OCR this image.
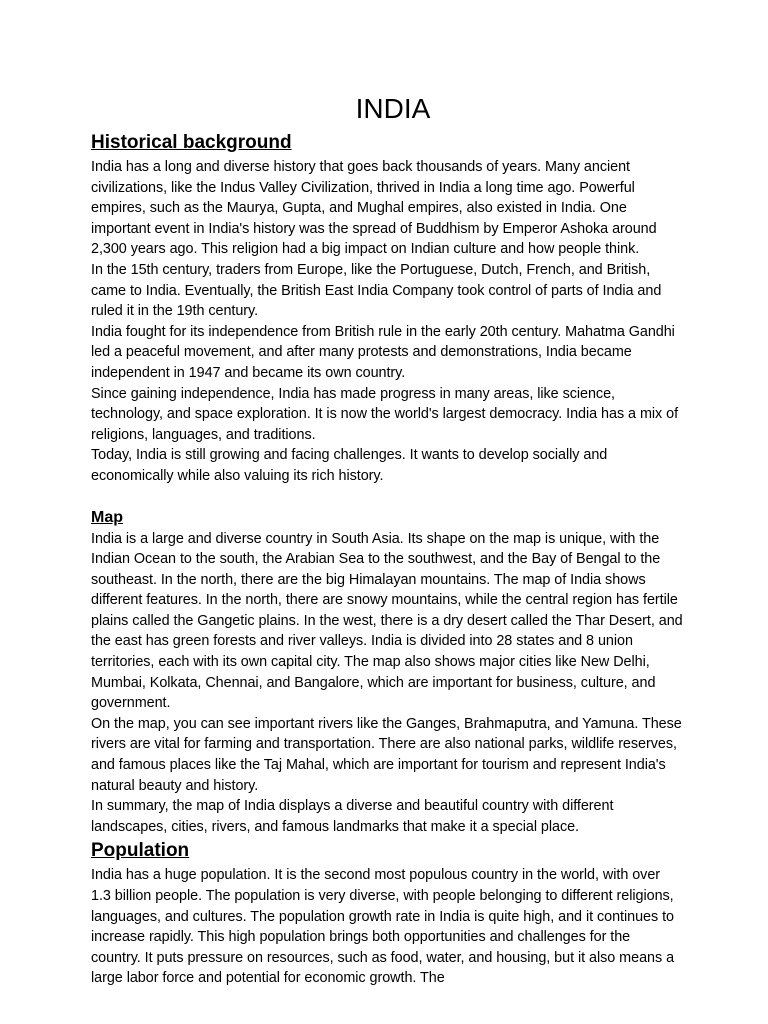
INDIA
Historical background

India has a long and diverse history that goes back thousands of years. Many ancient civilizations, like the Indus Valley Civilization, thrived in India a long time ago. Powerful empires, such as the Maurya, Gupta, and Mughal empires, also existed in India. One important event in India's history was the spread of Buddhism by Emperor Ashoka around 2,300 years ago. This religion had a big impact on Indian culture and how people think.

In the 15th century, traders from Europe, like the Portuguese, Dutch, French, and British, came to India. Eventually, the British East India Company took control of parts of India and ruled it in the 19th century.

India fought for its independence from British rule in the early 20th century. Mahatma Gandhi led a peaceful movement, and after many protests and demonstrations, India became independent in 1947 and became its own country.

Since gaining independence, India has made progress in many areas, like science, technology, and space exploration. It is now the world's largest democracy. India has a mix of religions, languages, and traditions.

Today, India is still growing and facing challenges. It wants to develop socially and economically while also valuing its rich history.

Map

India is a large and diverse country in South Asia. Its shape on the map is unique, with the Indian Ocean to the south, the Arabian Sea to the southwest, and the Bay of Bengal to the southeast. In the north, there are the big Himalayan mountains. The map of India shows different features. In the north, there are snowy mountains, while the central region has fertile plains called the Gangetic plains. In the west, there is a dry desert called the Thar Desert, and the east has green forests and river valleys. India is divided into 28 states and 8 union territories, each with its own capital city. The map also shows major cities like New Delhi, Mumbai, Kolkata, Chennai, and Bangalore, which are important for business, culture, and government.

On the map, you can see important rivers like the Ganges, Brahmaputra, and Yamuna. These rivers are vital for farming and transportation. There are also national parks, wildlife reserves, and famous places like the Taj Mahal, which are important for tourism and represent India's natural beauty and history.

In summary, the map of India displays a diverse and beautiful country with different landscapes, cities, rivers, and famous landmarks that make it a special place.

Population

India has a huge population. It is the second most populous country in the world, with over 1.3 billion people. The population is very diverse, with people belonging to different religions, languages, and cultures. The population growth rate in India is quite high, and it continues to increase rapidly. This high population brings both opportunities and challenges for the country. It puts pressure on resources, such as food, water, and housing, but it also means a large labor force and potential for economic growth. The
